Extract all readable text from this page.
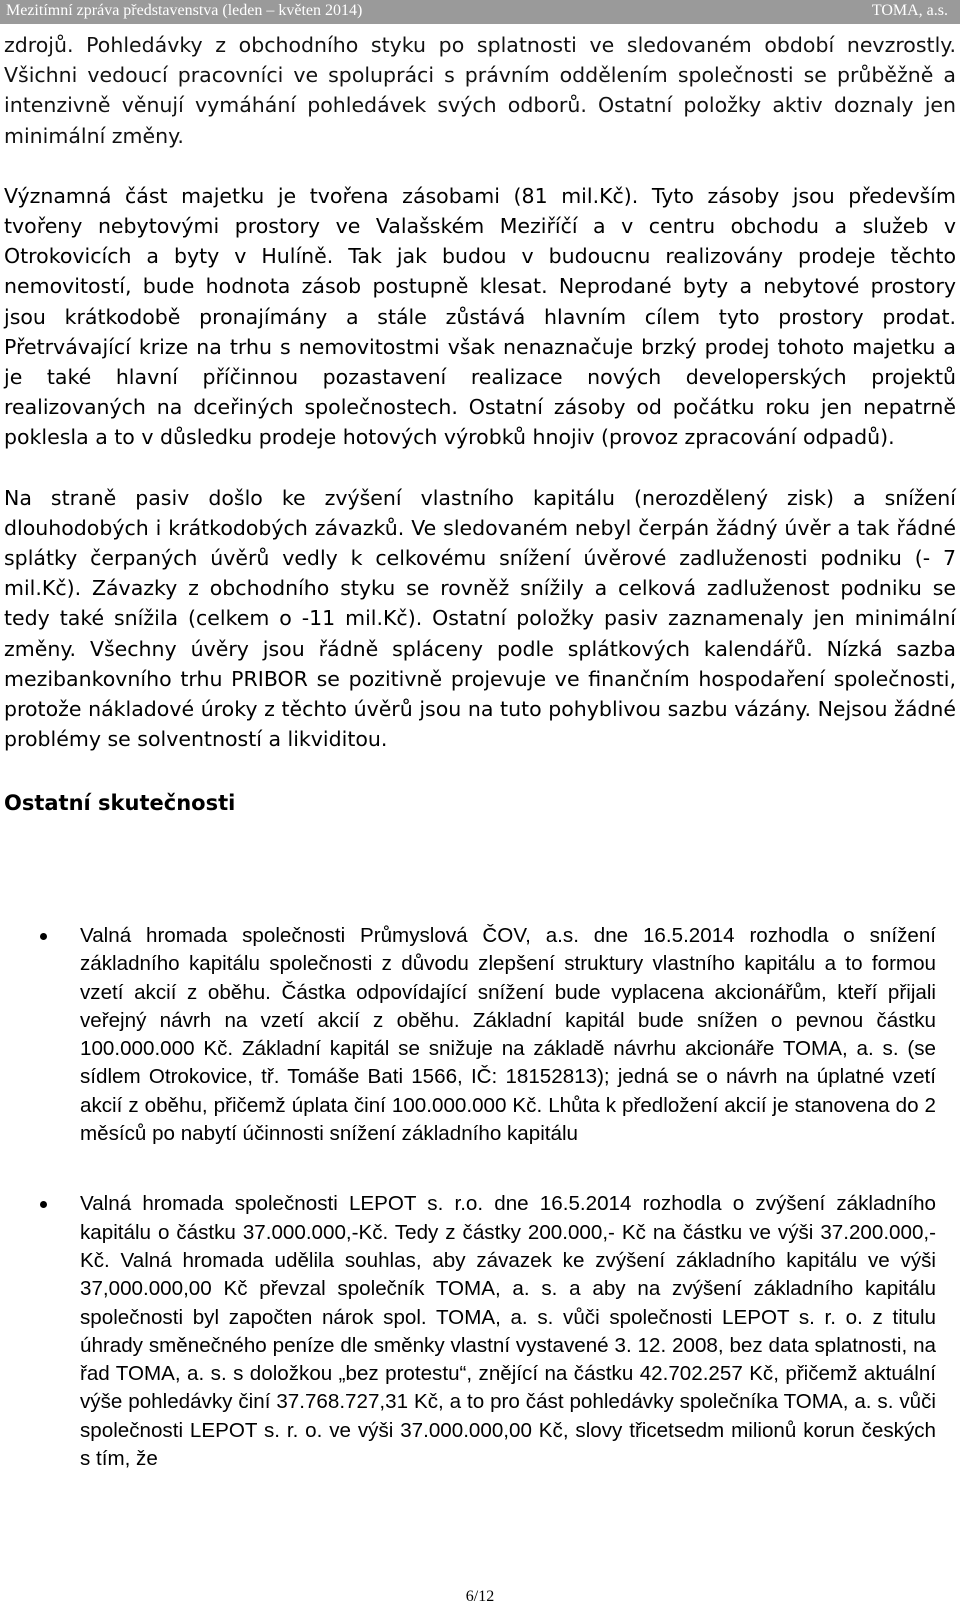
Mezitímní zpráva představenstva (leden – květen 2014)	TOMA, a.s.

zdrojů. Pohledávky z obchodního styku po splatnosti ve sledovaném období nevzrostly. Všichni vedoucí pracovníci ve spolupráci s právním oddělením společnosti se průběžně a intenzivně věnují vymáhání pohledávek svých odborů. Ostatní položky aktiv doznaly jen minimální změny.

Významná část majetku je tvořena zásobami (81 mil.Kč). Tyto zásoby jsou především tvořeny nebytovými prostory ve Valašském Meziříčí a v centru obchodu a služeb v Otrokovicích a byty v Hulíně. Tak jak budou v budoucnu realizovány prodeje těchto nemovitostí, bude hodnota zásob postupně klesat. Neprodané byty a nebytové prostory jsou krátkodobě pronajímány a stále zůstává hlavním cílem tyto prostory prodat. Přetrvávající krize na trhu s nemovitostmi však nenaznačuje brzký prodej tohoto majetku a je také hlavní příčinnou pozastavení realizace nových developerských projektů realizovaných na dceřiných společnostech. Ostatní zásoby od počátku roku jen nepatrně poklesla a to v důsledku prodeje hotových výrobků hnojiv (provoz zpracování odpadů).

Na straně pasiv došlo ke zvýšení vlastního kapitálu (nerozdělený zisk) a snížení dlouhodobých i krátkodobých závazků. Ve sledovaném nebyl čerpán žádný úvěr a tak řádné splátky čerpaných úvěrů vedly k celkovému snížení úvěrové zadluženosti podniku (- 7 mil.Kč). Závazky z obchodního styku se rovněž snížily a celková zadluženost podniku se tedy také snížila (celkem o -11 mil.Kč). Ostatní položky pasiv zaznamenaly jen minimální změny. Všechny úvěry jsou řádně spláceny podle splátkových kalendářů. Nízká sazba mezibankovního trhu PRIBOR se pozitivně projevuje ve finančním hospodaření společnosti, protože nákladové úroky z těchto úvěrů jsou na tuto pohyblivou sazbu vázány. Nejsou žádné problémy se solventností a likviditou.

Ostatní skutečnosti

Valná hromada společnosti Průmyslová ČOV, a.s. dne 16.5.2014 rozhodla o snížení základního kapitálu společnosti z důvodu zlepšení struktury vlastního kapitálu a to formou vzetí akcií z oběhu. Částka odpovídající snížení bude vyplacena akcionářům, kteří přijali veřejný návrh na vzetí akcií z oběhu. Základní kapitál bude snížen o pevnou částku 100.000.000 Kč. Základní kapitál se snižuje na základě návrhu akcionáře TOMA, a. s. (se sídlem Otrokovice, tř. Tomáše Bati 1566, IČ: 18152813); jedná se o návrh na úplatné vzetí akcií z oběhu, přičemž úplata činí 100.000.000 Kč. Lhůta k předložení akcií je stanovena do 2 měsíců po nabytí účinnosti snížení základního kapitálu

Valná hromada společnosti LEPOT s. r.o. dne 16.5.2014 rozhodla o zvýšení základního kapitálu o částku 37.000.000,-Kč. Tedy z částky 200.000,- Kč na částku ve výši 37.200.000,- Kč. Valná hromada udělila souhlas, aby závazek ke zvýšení základního kapitálu ve výši 37,000.000,00 Kč převzal společník TOMA, a. s. a aby na zvýšení základního kapitálu společnosti byl započten nárok spol. TOMA, a. s. vůči společnosti LEPOT s. r. o. z titulu úhrady směnečného peníze dle směnky vlastní vystavené 3. 12. 2008, bez data splatnosti, na řad TOMA, a. s. s doložkou „bez protestu“, znějící na částku 42.702.257 Kč, přičemž aktuální výše pohledávky činí 37.768.727,31 Kč, a to pro část pohledávky společníka TOMA, a. s. vůči společnosti LEPOT s. r. o. ve výši 37.000.000,00 Kč, slovy třicetsedm milionů korun českých s tím, že

6/12
